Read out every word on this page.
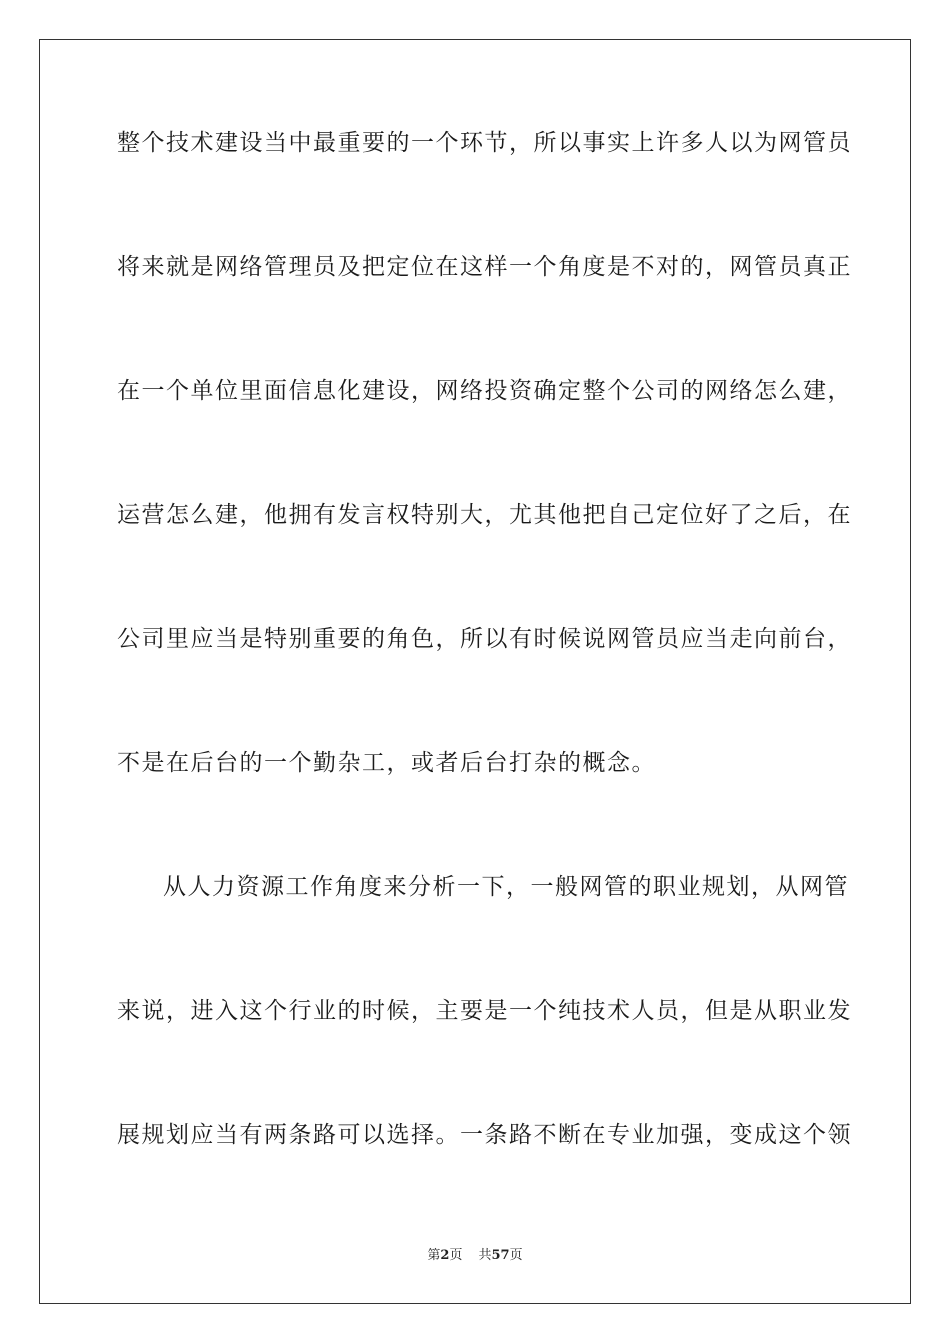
整个技术建设当中最重要的一个环节，所以事实上许多人以为网管员
将来就是网络管理员及把定位在这样一个角度是不对的，网管员真正
在一个单位里面信息化建设，网络投资确定整个公司的网络怎么建，
运营怎么建，他拥有发言权特别大，尤其他把自己定位好了之后，在
公司里应当是特别重要的角色，所以有时候说网管员应当走向前台，
不是在后台的一个勤杂工，或者后台打杂的概念。
从人力资源工作角度来分析一下，一般网管的职业规划，从网管
来说，进入这个行业的时候，主要是一个纯技术人员，但是从职业发
展规划应当有两条路可以选择。一条路不断在专业加强，变成这个领
第2页 共57页
